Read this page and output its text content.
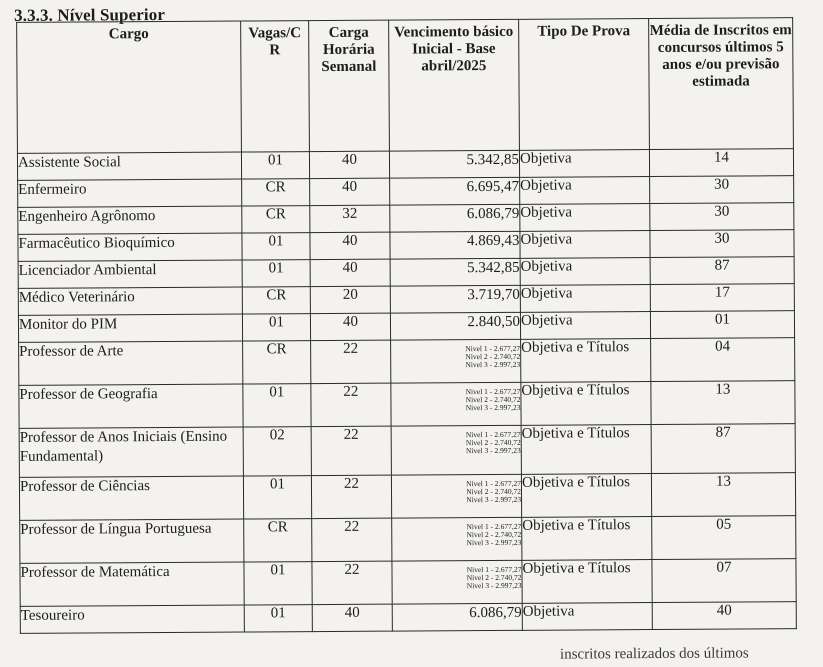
3.3.3. Nível Superior
Cargo	Vagas/C R	Carga Horária Semanal	Vencimento básico Inicial - Base abril/2025	Tipo De Prova	Média de Inscritos em concursos últimos 5 anos e/ou previsão estimada
Assistente Social	01	40	5.342,85	Objetiva	14
Enfermeiro	CR	40	6.695,47	Objetiva	30
Engenheiro Agrônomo	CR	32	6.086,79	Objetiva	30
Farmacêutico Bioquímico	01	40	4.869,43	Objetiva	30
Licenciador Ambiental	01	40	5.342,85	Objetiva	87
Médico Veterinário	CR	20	3.719,70	Objetiva	17
Monitor do PIM	01	40	2.840,50	Objetiva	01
Professor de Arte	CR	22	Nivel 1 - 2.677,27
Nivel 2 - 2.740,72
Nivel 3 - 2.997,23	Objetiva e Títulos	04
Professor de Geografia	01	22	Nivel 1 - 2.677,27
Nivel 2 - 2.740,72
Nivel 3 - 2.997,23	Objetiva e Títulos	13
Professor de Anos Iniciais (Ensino Fundamental)	02	22	Nivel 1 - 2.677,27
Nivel 2 - 2.740,72
Nivel 3 - 2.997,23	Objetiva e Títulos	87
Professor de Ciências	01	22	Nivel 1 - 2.677,27
Nivel 2 - 2.740,72
Nivel 3 - 2.997,23	Objetiva e Títulos	13
Professor de Língua Portuguesa	CR	22	Nivel 1 - 2.677,27
Nivel 2 - 2.740,72
Nivel 3 - 2.997,23	Objetiva e Títulos	05
Professor de Matemática	01	22	Nivel 1 - 2.677,27
Nivel 2 - 2.740,72
Nivel 3 - 2.997,23	Objetiva e Títulos	07
Tesoureiro	01	40	6.086,79	Objetiva	40
inscritos realizados dos últimos
